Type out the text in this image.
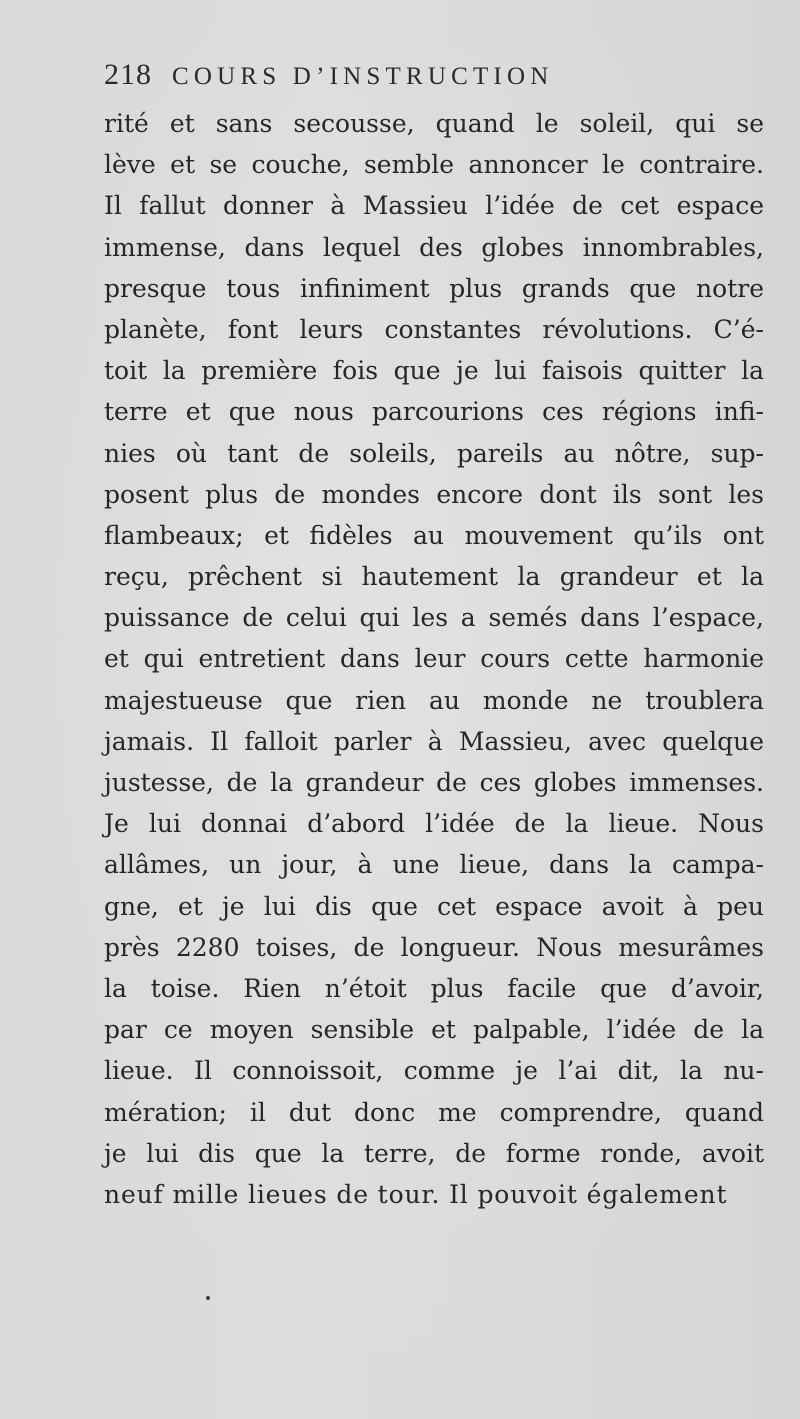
218 COURS D’INSTRUCTION
rité et sans secousse, quand le soleil, qui se
lève et se couche, semble annoncer le contraire.
Il fallut donner à Massieu l’idée de cet espace
immense, dans lequel des globes innombrables,
presque tous infiniment plus grands que notre
planète, font leurs constantes révolutions. C’é-
toit la première fois que je lui faisois quitter la
terre et que nous parcourions ces régions infi-
nies où tant de soleils, pareils au nôtre, sup-
posent plus de mondes encore dont ils sont les
flambeaux; et fidèles au mouvement qu’ils ont
reçu, prêchent si hautement la grandeur et la
puissance de celui qui les a semés dans l’espace,
et qui entretient dans leur cours cette harmonie
majestueuse que rien au monde ne troublera
jamais. Il falloit parler à Massieu, avec quelque
justesse, de la grandeur de ces globes immenses.
Je lui donnai d’abord l’idée de la lieue. Nous
allâmes, un jour, à une lieue, dans la campa-
gne, et je lui dis que cet espace avoit à peu
près 2280 toises, de longueur. Nous mesurâmes
la toise. Rien n’étoit plus facile que d’avoir,
par ce moyen sensible et palpable, l’idée de la
lieue. Il connoissoit, comme je l’ai dit, la nu-
mération; il dut donc me comprendre, quand
je lui dis que la terre, de forme ronde, avoit
neuf mille lieues de tour. Il pouvoit également
